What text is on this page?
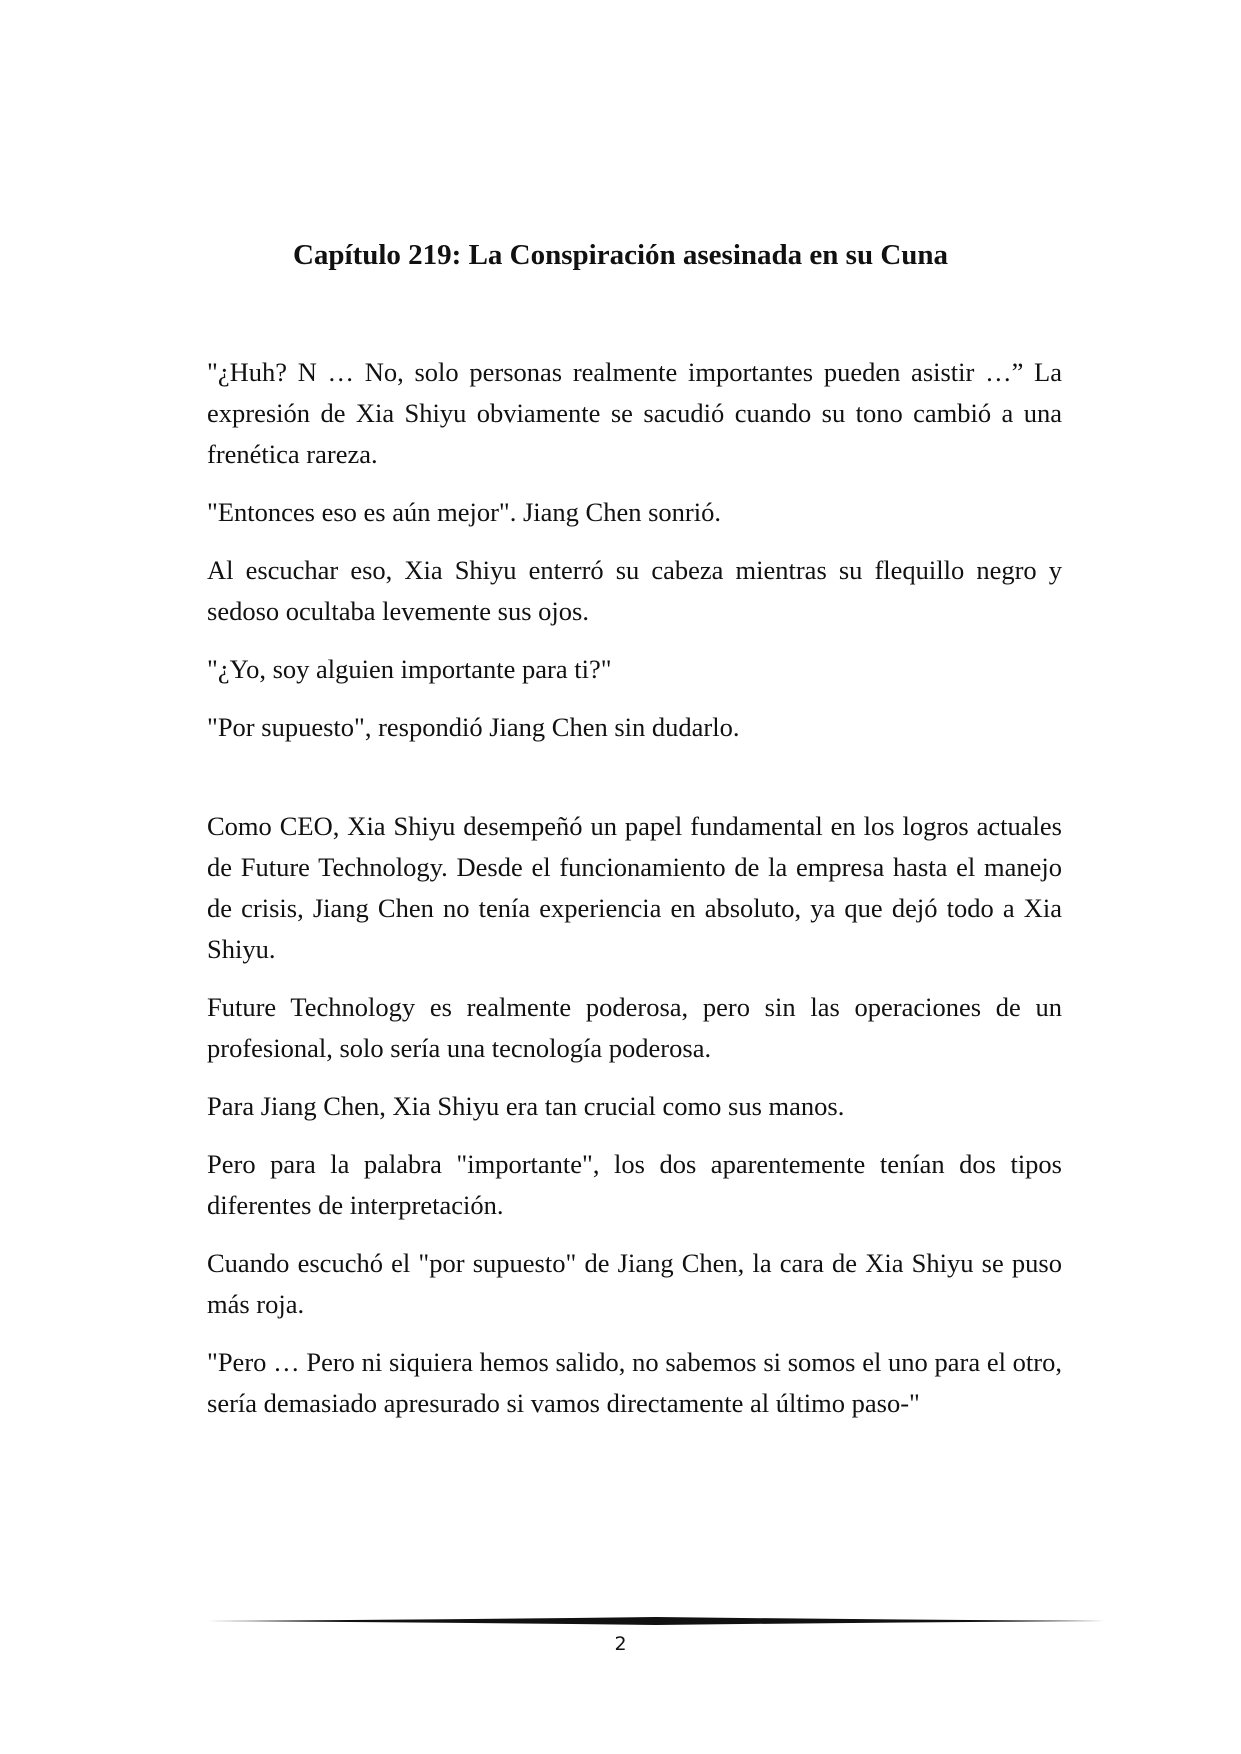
Capítulo 219: La Conspiración asesinada en su Cuna

"¿Huh? N … No, solo personas realmente importantes pueden asistir …” La expresión de Xia Shiyu obviamente se sacudió cuando su tono cambió a una frenética rareza.

"Entonces eso es aún mejor". Jiang Chen sonrió.

Al escuchar eso, Xia Shiyu enterró su cabeza mientras su flequillo negro y sedoso ocultaba levemente sus ojos.

"¿Yo, soy alguien importante para ti?"

"Por supuesto", respondió Jiang Chen sin dudarlo.

Como CEO, Xia Shiyu desempeñó un papel fundamental en los logros actuales de Future Technology. Desde el funcionamiento de la empresa hasta el manejo de crisis, Jiang Chen no tenía experiencia en absoluto, ya que dejó todo a Xia Shiyu.

Future Technology es realmente poderosa, pero sin las operaciones de un profesional, solo sería una tecnología poderosa.

Para Jiang Chen, Xia Shiyu era tan crucial como sus manos.

Pero para la palabra "importante", los dos aparentemente tenían dos tipos diferentes de interpretación.

Cuando escuchó el "por supuesto" de Jiang Chen, la cara de Xia Shiyu se puso más roja.

"Pero … Pero ni siquiera hemos salido, no sabemos si somos el uno para el otro, sería demasiado apresurado si vamos directamente al último paso-"

2
